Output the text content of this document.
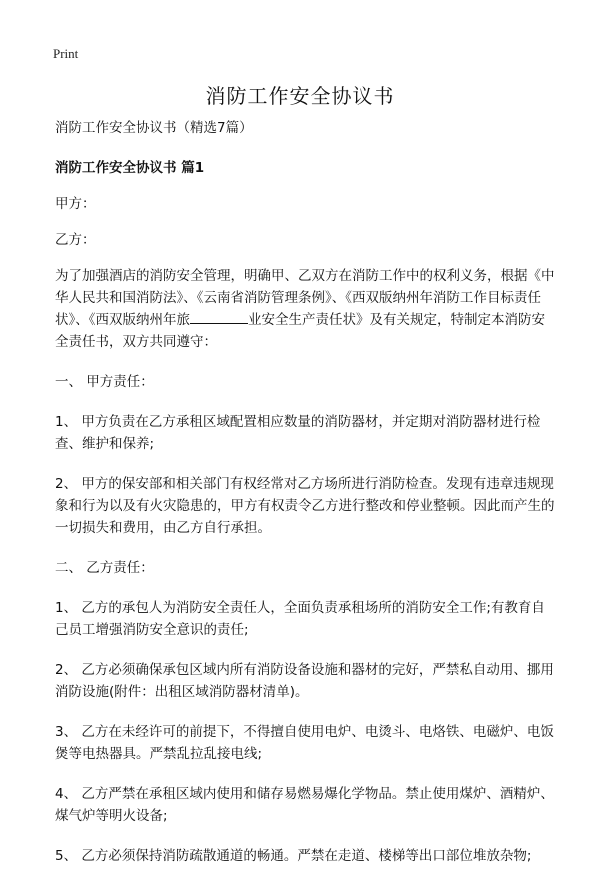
Print
消防工作安全协议书

消防工作安全协议书（精选7篇）

消防工作安全协议书 篇1

甲方：

乙方：

为了加强酒店的消防安全管理，明确甲、乙双方在消防工作中的权利义务，根据《中华人民共和国消防法》、《云南省消防管理条例》、《西双版纳州年消防工作目标责任状》、《西双版纳州年旅	业安全生产责任状》及有关规定，特制定本消防安全责任书，双方共同遵守：

一、 甲方责任：

1、 甲方负责在乙方承租区域配置相应数量的消防器材，并定期对消防器材进行检查、维护和保养;

2、 甲方的保安部和相关部门有权经常对乙方场所进行消防检查。发现有违章违规现象和行为以及有火灾隐患的，甲方有权责令乙方进行整改和停业整顿。因此而产生的一切损失和费用，由乙方自行承担。

二、 乙方责任：

1、 乙方的承包人为消防安全责任人，全面负责承租场所的消防安全工作;有教育自己员工增强消防安全意识的责任;

2、 乙方必须确保承包区域内所有消防设备设施和器材的完好，严禁私自动用、挪用消防设施(附件：出租区域消防器材清单)。

3、 乙方在未经许可的前提下，不得擅自使用电炉、电烫斗、电烙铁、电磁炉、电饭煲等电热器具。严禁乱拉乱接电线;

4、 乙方严禁在承租区域内使用和储存易燃易爆化学物品。禁止使用煤炉、酒精炉、煤气炉等明火设备;

5、 乙方必须保持消防疏散通道的畅通。严禁在走道、楼梯等出口部位堆放杂物;
